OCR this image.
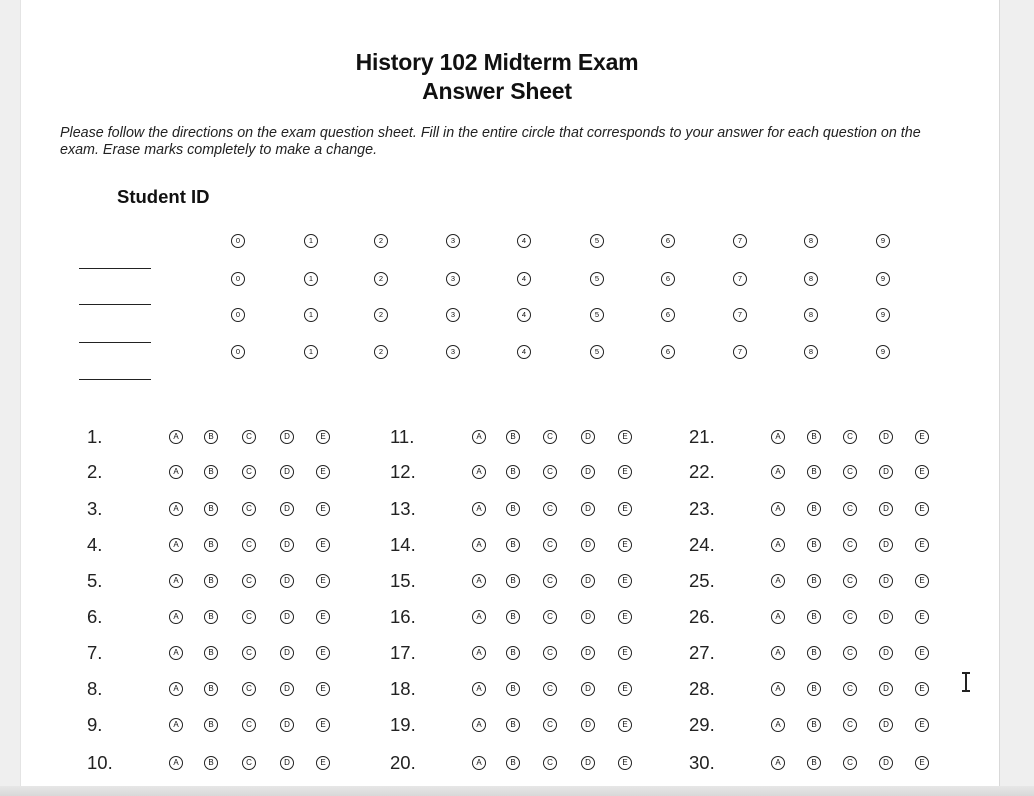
History 102 Midterm Exam
Answer Sheet
Please follow the directions on the exam question sheet. Fill in the entire circle that corresponds to your answer for each question on the exam. Erase marks completely to make a change.
Student ID
0	1	2	3	4	5	6	7	8	9
0	1	2	3	4	5	6	7	8	9
0	1	2	3	4	5	6	7	8	9
0	1	2	3	4	5	6	7	8	9
1.	A	B	C	D	E
2.	A	B	C	D	E
3.	A	B	C	D	E
4.	A	B	C	D	E
5.	A	B	C	D	E
6.	A	B	C	D	E
7.	A	B	C	D	E
8.	A	B	C	D	E
9.	A	B	C	D	E
10.	A	B	C	D	E
11.	A	B	C	D	E
12.	A	B	C	D	E
13.	A	B	C	D	E
14.	A	B	C	D	E
15.	A	B	C	D	E
16.	A	B	C	D	E
17.	A	B	C	D	E
18.	A	B	C	D	E
19.	A	B	C	D	E
20.	A	B	C	D	E
21.	A	B	C	D	E
22.	A	B	C	D	E
23.	A	B	C	D	E
24.	A	B	C	D	E
25.	A	B	C	D	E
26.	A	B	C	D	E
27.	A	B	C	D	E
28.	A	B	C	D	E
29.	A	B	C	D	E
30.	A	B	C	D	E
